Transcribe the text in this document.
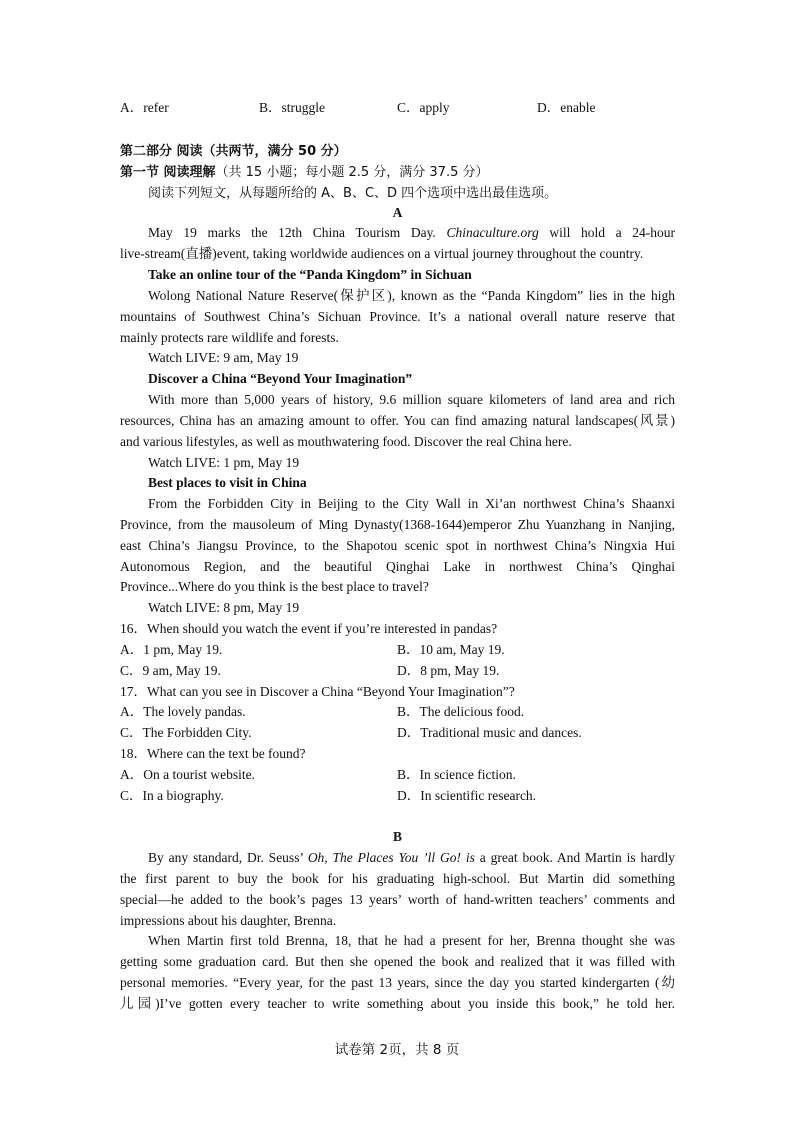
A．refer	B．struggle	C．apply	D．enable
第二部分 阅读（共两节，满分 50 分）
第一节 阅读理解（共 15 小题；每小题 2.5 分，满分 37.5 分）
阅读下列短文，从每题所给的 A、B、C、D 四个选项中选出最佳选项。
A
May 19 marks the 12th China Tourism Day. Chinaculture.org will hold a 24-hour
live-stream(直播)event, taking worldwide audiences on a virtual journey throughout the country.
Take an online tour of the “Panda Kingdom” in Sichuan
Wolong National Nature Reserve(保护区), known as the “Panda Kingdom” lies in the high
mountains of Southwest China’s Sichuan Province. It’s a national overall nature reserve that
mainly protects rare wildlife and forests.
Watch LIVE: 9 am, May 19
Discover a China “Beyond Your Imagination”
With more than 5,000 years of history, 9.6 million square kilometers of land area and rich
resources, China has an amazing amount to offer. You can find amazing natural landscapes(风景)
and various lifestyles, as well as mouthwatering food. Discover the real China here.
Watch LIVE: 1 pm, May 19
Best places to visit in China
From the Forbidden City in Beijing to the City Wall in Xi’an northwest China’s Shaanxi
Province, from the mausoleum of Ming Dynasty(1368-1644)emperor Zhu Yuanzhang in Nanjing,
east China’s Jiangsu Province, to the Shapotou scenic spot in northwest China’s Ningxia Hui
Autonomous Region, and the beautiful Qinghai Lake in northwest China’s Qinghai
Province...Where do you think is the best place to travel?
Watch LIVE: 8 pm, May 19
16．When should you watch the event if you’re interested in pandas?
A．1 pm, May 19.	B．10 am, May 19.
C．9 am, May 19.	D．8 pm, May 19.
17．What can you see in Discover a China “Beyond Your Imagination”?
A．The lovely pandas.	B．The delicious food.
C．The Forbidden City.	D．Traditional music and dances.
18．Where can the text be found?
A．On a tourist website.	B．In science fiction.
C．In a biography.	D．In scientific research.
B
By any standard, Dr. Seuss’ Oh, The Places You ’ll Go! is a great book. And Martin is hardly
the first parent to buy the book for his graduating high-school. But Martin did something
special—he added to the book’s pages 13 years’ worth of hand-written teachers’ comments and
impressions about his daughter, Brenna.
When Martin first told Brenna, 18, that he had a present for her, Brenna thought she was
getting some graduation card. But then she opened the book and realized that it was filled with
personal memories. “Every year, for the past 13 years, since the day you started kindergarten (幼
儿园)I’ve gotten every teacher to write something about you inside this book,” he told her.
试卷第 2页，共 8 页
